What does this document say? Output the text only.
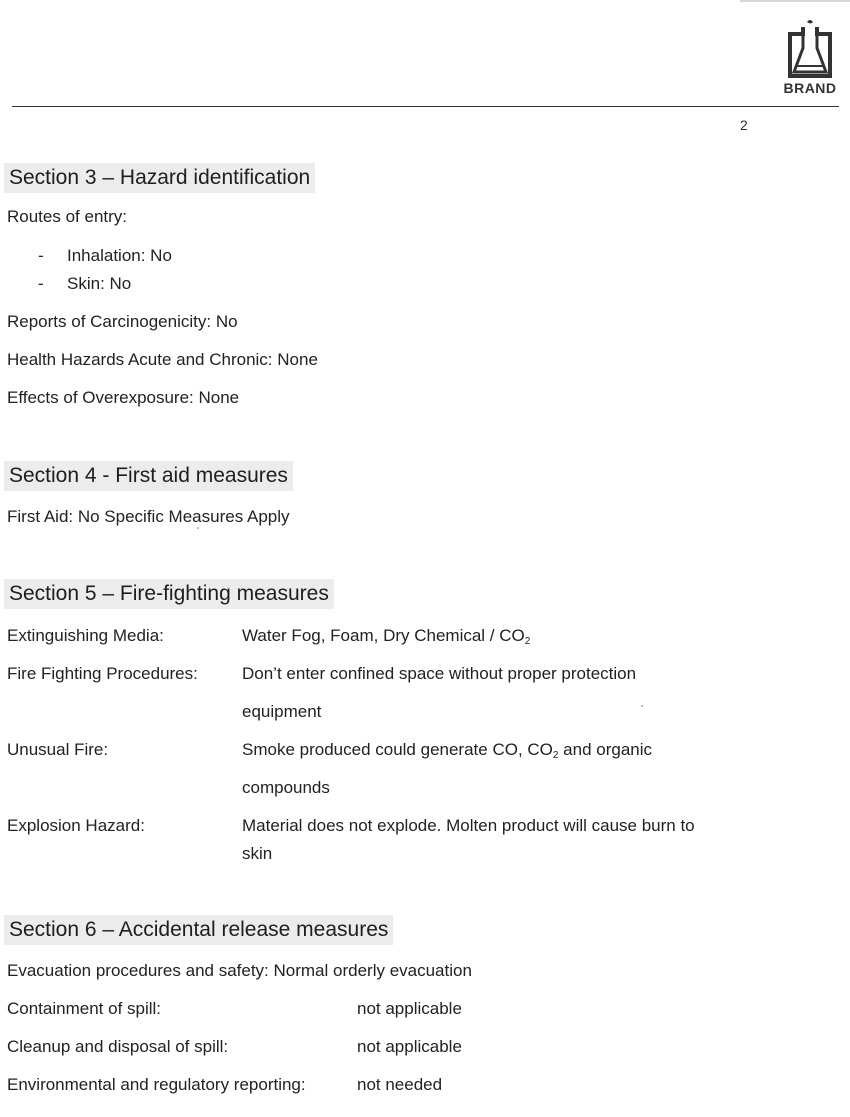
BRAND
2
Section 3 – Hazard identification
Routes of entry:
- Inhalation: No
- Skin: No
Reports of Carcinogenicity: No
Health Hazards Acute and Chronic: None
Effects of Overexposure: None
Section 4 - First aid measures
First Aid: No Specific Measures Apply
Section 5 – Fire-fighting measures
Extinguishing Media:	Water Fog, Foam, Dry Chemical / $CO_2$
Fire Fighting Procedures:	Don’t enter confined space without proper protection
equipment
Unusual Fire:	Smoke produced could generate CO, $CO_2$ and organic
compounds
Explosion Hazard:	Material does not explode. Molten product will cause burn to
skin
Section 6 – Accidental release measures
Evacuation procedures and safety: Normal orderly evacuation
Containment of spill:	not applicable
Cleanup and disposal of spill:	not applicable
Environmental and regulatory reporting:	not needed
